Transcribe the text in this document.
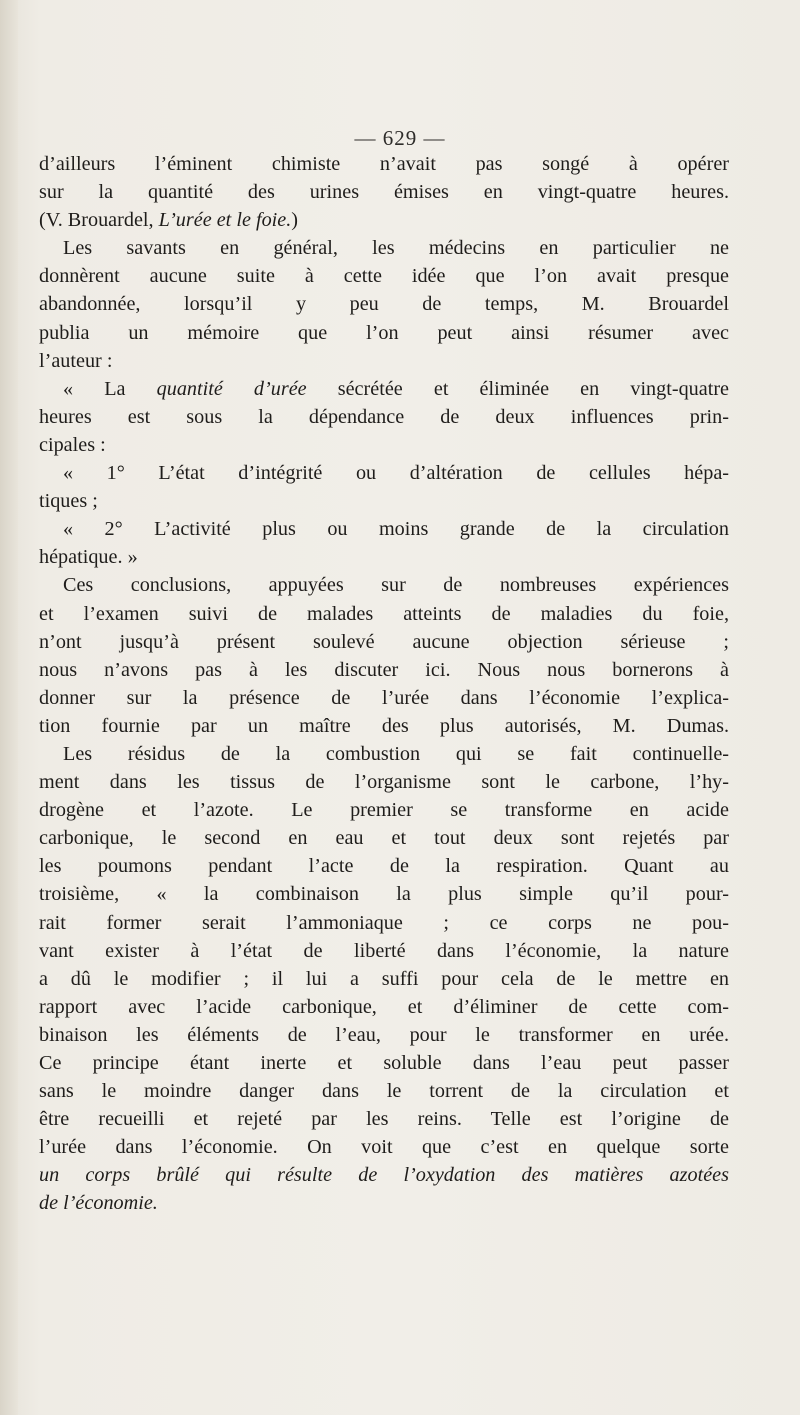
— 629 —

d’ailleurs l’éminent chimiste n’avait pas songé à opérer

sur la quantité des urines émises en vingt-quatre heures.

(V. Brouardel, L’urée et le foie.)

Les savants en général, les médecins en particulier ne

donnèrent aucune suite à cette idée que l’on avait presque

abandonnée, lorsqu’il y peu de temps, M. Brouardel

publia un mémoire que l’on peut ainsi résumer avec

l’auteur :

« La quantité d’urée sécrétée et éliminée en vingt-quatre

heures est sous la dépendance de deux influences prin-

cipales :

« 1° L’état d’intégrité ou d’altération de cellules hépa-

tiques ;

« 2° L’activité plus ou moins grande de la circulation

hépatique. »

Ces conclusions, appuyées sur de nombreuses expériences

et l’examen suivi de malades atteints de maladies du foie,

n’ont jusqu’à présent soulevé aucune objection sérieuse ;

nous n’avons pas à les discuter ici. Nous nous bornerons à

donner sur la présence de l’urée dans l’économie l’explica-

tion fournie par un maître des plus autorisés, M. Dumas.

Les résidus de la combustion qui se fait continuelle-

ment dans les tissus de l’organisme sont le carbone, l’hy-

drogène et l’azote. Le premier se transforme en acide

carbonique, le second en eau et tout deux sont rejetés par

les poumons pendant l’acte de la respiration. Quant au

troisième, « la combinaison la plus simple qu’il pour-

rait former serait l’ammoniaque ; ce corps ne pou-

vant exister à l’état de liberté dans l’économie, la nature

a dû le modifier ; il lui a suffi pour cela de le mettre en

rapport avec l’acide carbonique, et d’éliminer de cette com-

binaison les éléments de l’eau, pour le transformer en urée.

Ce principe étant inerte et soluble dans l’eau peut passer

sans le moindre danger dans le torrent de la circulation et

être recueilli et rejeté par les reins. Telle est l’origine de

l’urée dans l’économie. On voit que c’est en quelque sorte

un corps brûlé qui résulte de l’oxydation des matières azotées

de l’économie.
